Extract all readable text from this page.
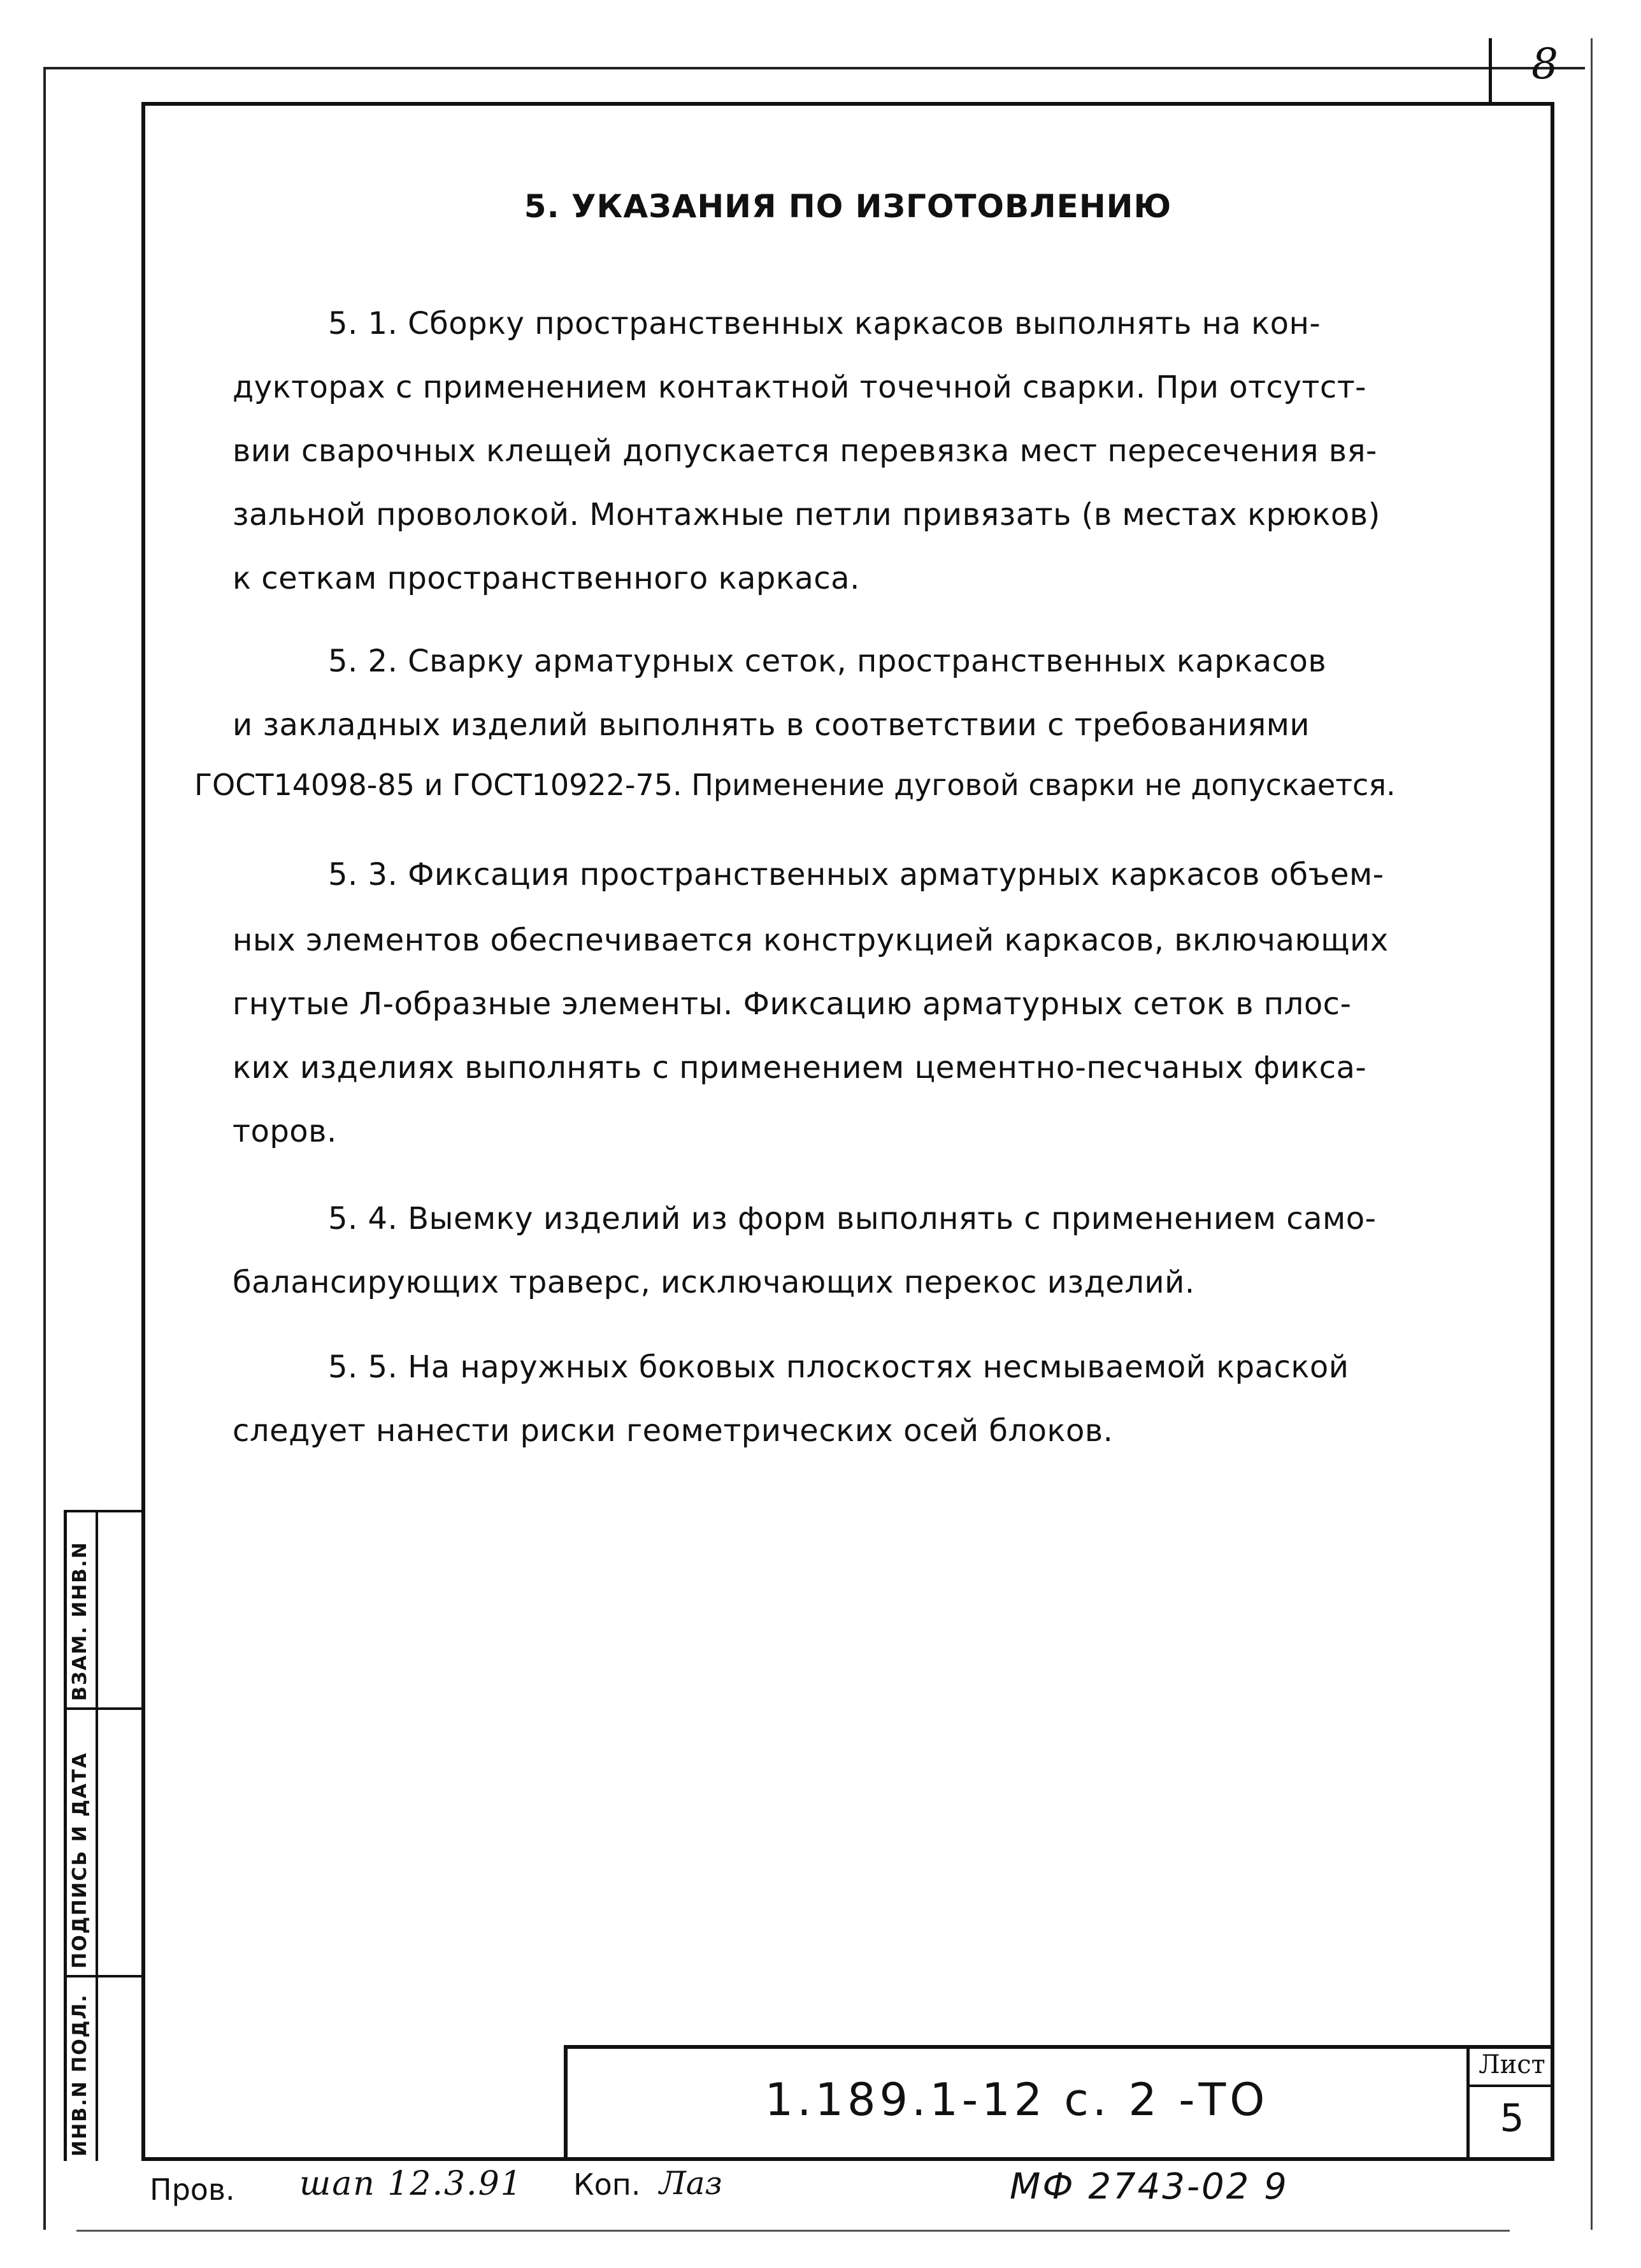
8
5. УКАЗАНИЯ ПО ИЗГОТОВЛЕНИЮ
5. 1. Сборку пространственных каркасов выполнять на кон-
дукторах с применением контактной точечной сварки. При отсутст-
вии сварочных клещей допускается перевязка мест пересечения вя-
зальной проволокой. Монтажные петли привязать (в местах крюков)
к сеткам пространственного каркаса.
5. 2. Сварку арматурных сеток, пространственных каркасов
и закладных изделий выполнять в соответствии с требованиями
ГОСТ14098-85 и ГОСТ10922-75. Применение дуговой сварки не допускается.
5. 3. Фиксация пространственных арматурных каркасов объем-
ных элементов обеспечивается конструкцией каркасов, включающих
гнутые Л-образные элементы. Фиксацию арматурных сеток в плос-
ких изделиях выполнять с применением цементно-песчаных фикса-
торов.
5. 4. Выемку изделий из форм выполнять с применением само-
балансирующих траверс, исключающих перекос изделий.
5. 5. На наружных боковых плоскостях несмываемой краской
следует нанести риски геометрических осей блоков.
ВЗАМ. ИНВ.N
ПОДПИСЬ И ДАТА
ИНВ.N ПОДЛ.	1.189.1-12 с. 2 -ТО
Лист
5
Пров. шап 12.3.91 Коп. Лаз	МФ 2743-02 9
